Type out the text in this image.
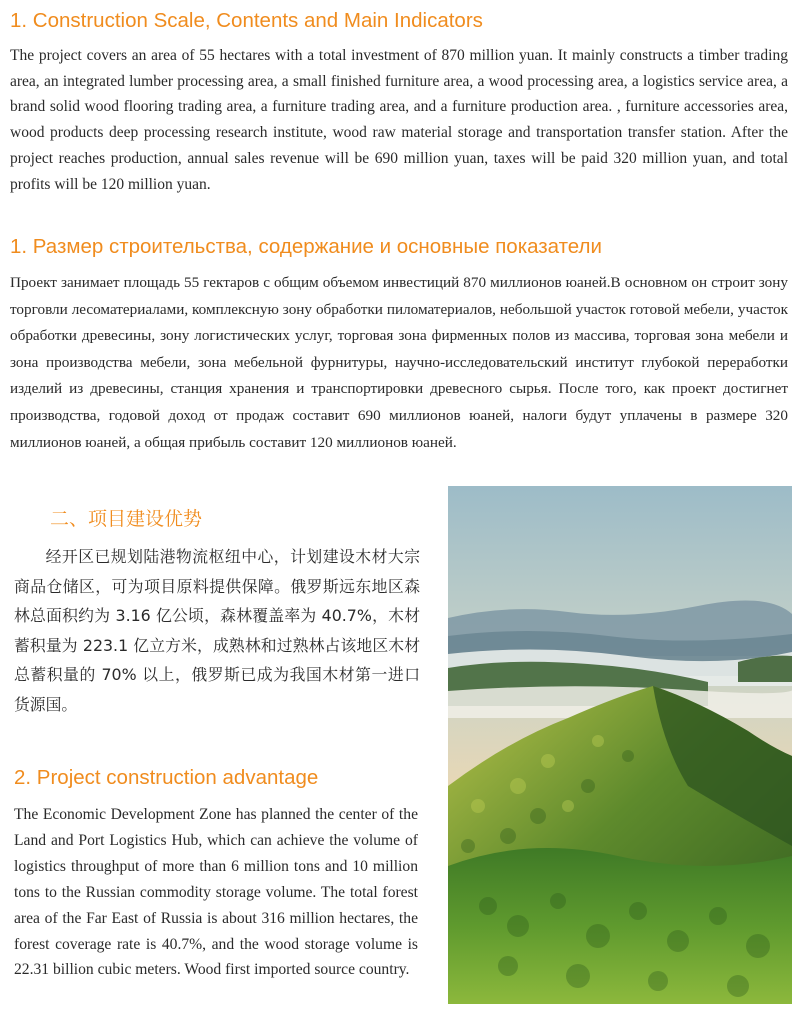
1. Construction Scale, Contents and Main Indicators

The project covers an area of 55 hectares with a total investment of 870 million yuan. It mainly constructs a timber trading area, an integrated lumber processing area, a small finished furniture area, a wood processing area, a logistics service area, a brand solid wood flooring trading area, a furniture trading area, and a furniture production area. , furniture accessories area, wood products deep processing research institute, wood raw material storage and transportation transfer station. After the project reaches production, annual sales revenue will be 690 million yuan, taxes will be paid 320 million yuan, and total profits will be 120 million yuan.

1. Размер строительства, содержание и основные показатели

Проект занимает площадь 55 гектаров с общим объемом инвестиций 870 миллионов юаней.В основном он строит зону торговли лесоматериалами, комплексную зону обработки пиломатериалов, небольшой участок готовой мебели, участок обработки древесины, зону логистических услуг, торговая зона фирменных полов из массива, торговая зона мебели и зона производства мебели, зона мебельной фурнитуры, научно-исследовательский институт глубокой переработки изделий из древесины, станция хранения и транспортировки древесного сырья. После того, как проект достигнет производства, годовой доход от продаж составит 690 миллионов юаней, налоги будут уплачены в размере 320 миллионов юаней, а общая прибыль составит 120 миллионов юаней.

二、项目建设优势

经开区已规划陆港物流枢纽中心，计划建设木材大宗商品仓储区，可为项目原料提供保障。俄罗斯远东地区森林总面积约为 3.16 亿公顷，森林覆盖率为 40.7%，木材蓄积量为 223.1 亿立方米，成熟林和过熟林占该地区木材总蓄积量的 70% 以上，俄罗斯已成为我国木材第一进口货源国。

2. Project construction advantage

The Economic Development Zone has planned the center of the Land and Port Logistics Hub, which can achieve the volume of logistics throughput of more than 6 million tons and 10 million tons to the Russian commodity storage volume. The total forest area of the Far East of Russia is about 316 million hectares, the forest coverage rate is 40.7%, and the wood storage volume is 22.31 billion cubic meters. Wood first imported source country.
